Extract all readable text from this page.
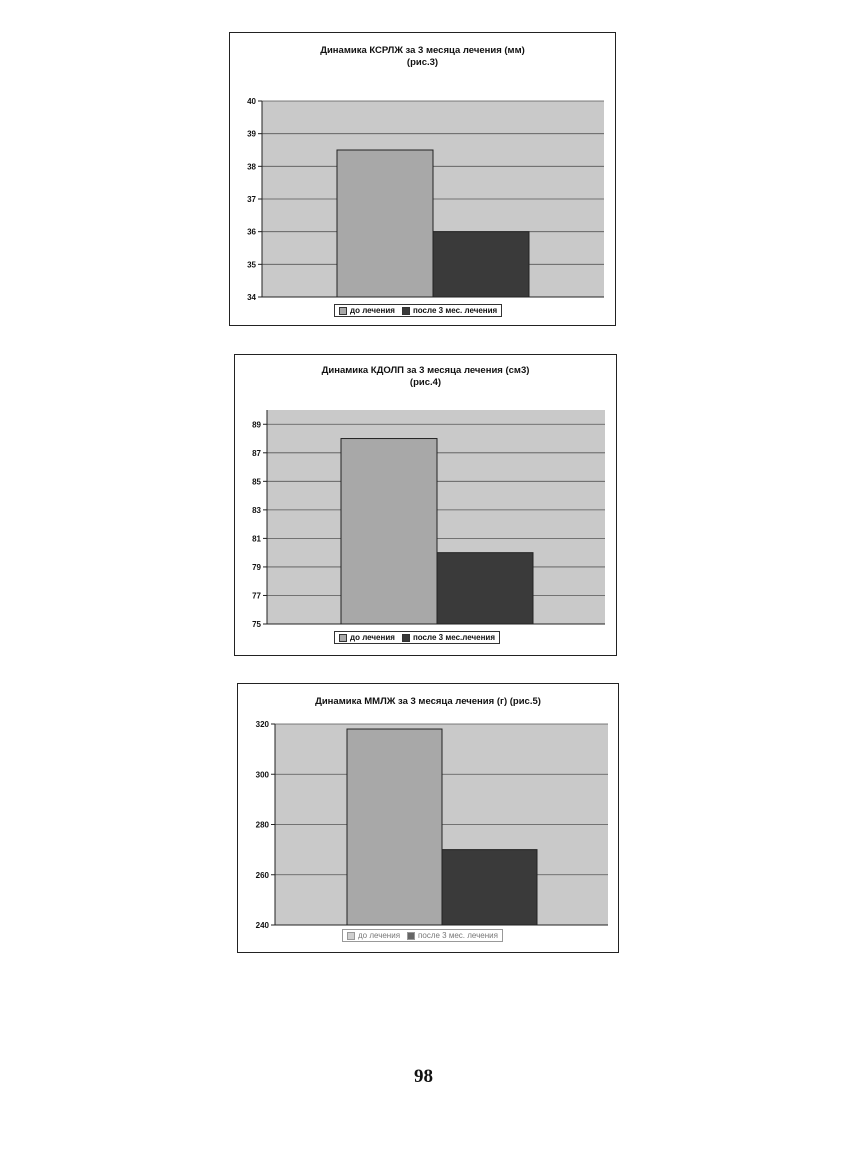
Динамика КСРЛЖ за 3 месяца лечения (мм)
(рис.3)
34
35
36
37
38
39
40
до лечения после 3 мес. лечения
Динамика КДОЛП за 3 месяца лечения (см3)
(рис.4)
75
77
79
81
83
85
87
89
до лечения после 3 мес.лечения
Динамика ММЛЖ за 3 месяца лечения (г) (рис.5)
240
260
280
300
320
до лечения после 3 мес. лечения
98
